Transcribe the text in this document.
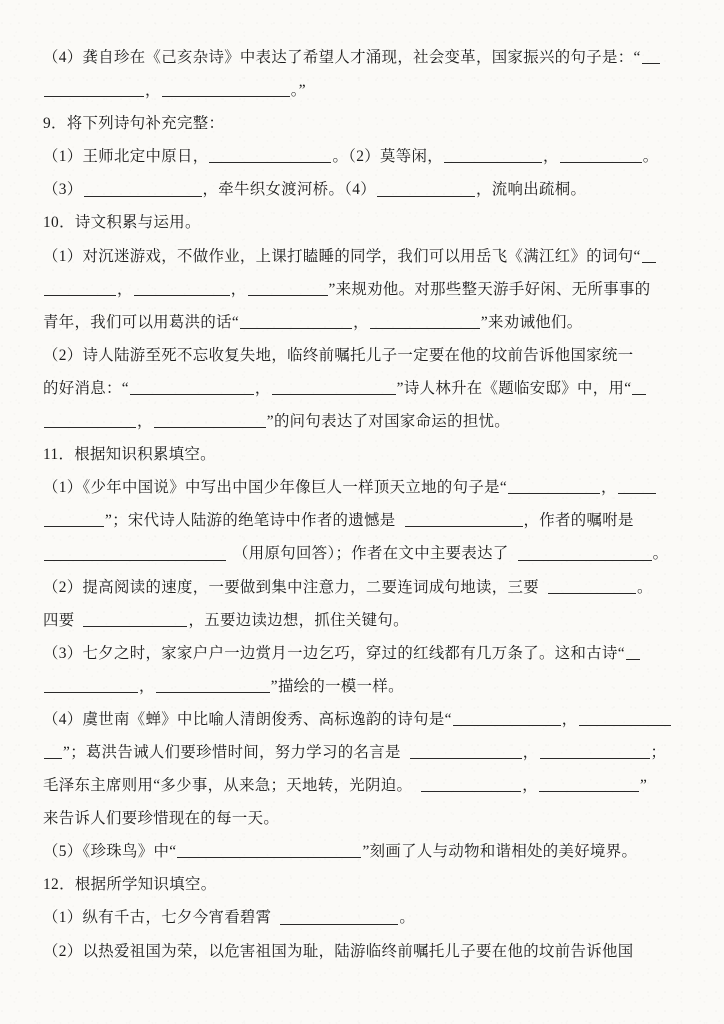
（4）龚自珍在《己亥杂诗》中表达了希望人才涌现，社会变革，国家振兴的句子是：“
，	。”
9．将下列诗句补充完整：
（1）王师北定中原日，	。（2）莫等闲，	，	。
（3）	，牵牛织女渡河桥。（4）	，流响出疏桐。
10．诗文积累与运用。
（1）对沉迷游戏，不做作业，上课打瞌睡的同学，我们可以用岳飞《满江红》的词句“
，	，	”来规劝他。对那些整天游手好闲、无所事事的
青年，我们可以用葛洪的话“	，	”来劝诫他们。
（2）诗人陆游至死不忘收复失地，临终前嘱托儿子一定要在他的坟前告诉他国家统一
的好消息：“	，	”诗人林升在《题临安邸》中，用“
，	”的问句表达了对国家命运的担忧。
11．根据知识积累填空。
（1）《少年中国说》中写出中国少年像巨人一样顶天立地的句子是“	，
”；宋代诗人陆游的绝笔诗中作者的遗憾是	，作者的嘱咐是
（用原句回答）；作者在文中主要表达了	。
（2）提高阅读的速度，一要做到集中注意力，二要连词成句地读，三要	。
四要	，五要边读边想，抓住关键句。
（3）七夕之时，家家户户一边赏月一边乞巧，穿过的红线都有几万条了。这和古诗“
，	”描绘的一模一样。
（4）虞世南《蝉》中比喻人清朗俊秀、高标逸韵的诗句是“	，
”；葛洪告诫人们要珍惜时间，努力学习的名言是	，	；
毛泽东主席则用“多少事，从来急；天地转，光阴迫。	，	”
来告诉人们要珍惜现在的每一天。
（5）《珍珠鸟》中“	”刻画了人与动物和谐相处的美好境界。
12．根据所学知识填空。
（1）纵有千古，七夕今宵看碧霄	。
（2）以热爱祖国为荣，以危害祖国为耻，陆游临终前嘱托儿子要在他的坟前告诉他国
